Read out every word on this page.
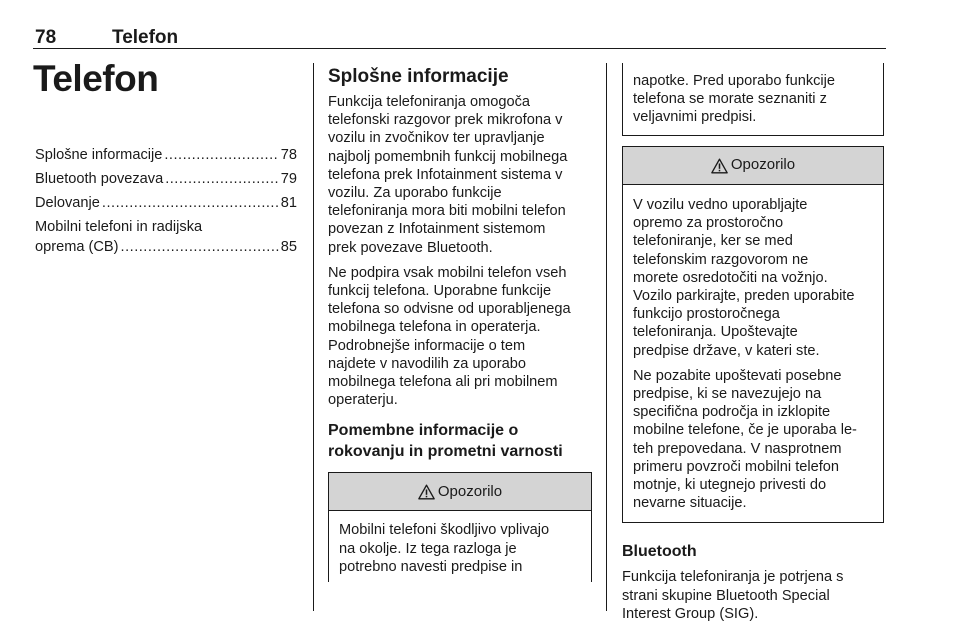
78	Telefon
Telefon
Splošne informacije .....	78
Bluetooth povezava .....	79
Delovanje .....	81
Mobilni telefoni in radijska
oprema (CB) .....	85
Splošne informacije
Funkcija telefoniranja omogoča
telefonski razgovor prek mikrofona v
vozilu in zvočnikov ter upravljanje
najbolj pomembnih funkcij mobilnega
telefona prek Infotainment sistema v
vozilu. Za uporabo funkcije
telefoniranja mora biti mobilni telefon
povezan z Infotainment sistemom
prek povezave Bluetooth.
Ne podpira vsak mobilni telefon vseh
funkcij telefona. Uporabne funkcije
telefona so odvisne od uporabljenega
mobilnega telefona in operaterja.
Podrobnejše informacije o tem
najdete v navodilih za uporabo
mobilnega telefona ali pri mobilnem
operaterju.
Pomembne informacije o
rokovanju in prometni varnosti
Opozorilo
Mobilni telefoni škodljivo vplivajo
na okolje. Iz tega razloga je
potrebno navesti predpise in
napotke. Pred uporabo funkcije
telefona se morate seznaniti z
veljavnimi predpisi.
Opozorilo
V vozilu vedno uporabljajte
opremo za prostoročno
telefoniranje, ker se med
telefonskim razgovorom ne
morete osredotočiti na vožnjo.
Vozilo parkirajte, preden uporabite
funkcijo prostoročnega
telefoniranja. Upoštevajte
predpise države, v kateri ste.
Ne pozabite upoštevati posebne
predpise, ki se navezujejo na
specifična področja in izklopite
mobilne telefone, če je uporaba le‐
teh prepovedana. V nasprotnem
primeru povzroči mobilni telefon
motnje, ki utegnejo privesti do
nevarne situacije.
Bluetooth
Funkcija telefoniranja je potrjena s
strani skupine Bluetooth Special
Interest Group (SIG).
